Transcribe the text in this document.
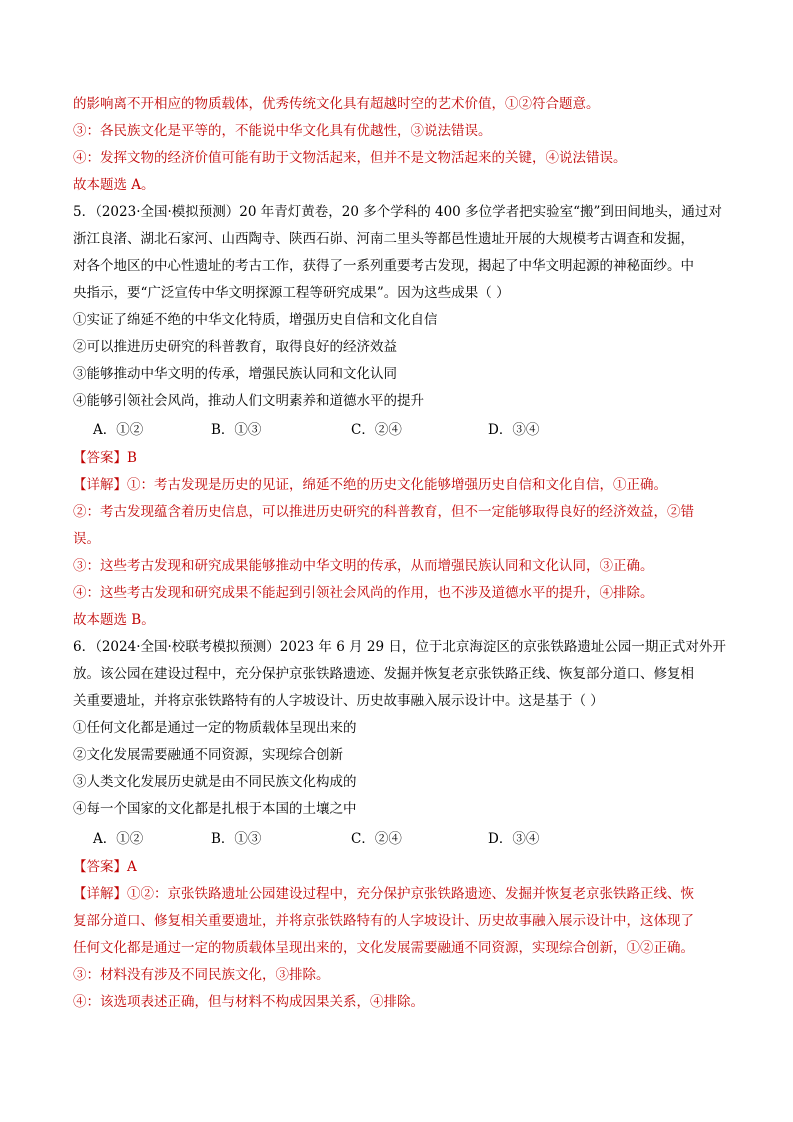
的影响离不开相应的物质载体，优秀传统文化具有超越时空的艺术价值，①②符合题意。
③：各民族文化是平等的，不能说中华文化具有优越性，③说法错误。
④：发挥文物的经济价值可能有助于文物活起来，但并不是文物活起来的关键，④说法错误。
故本题选 A。
5．（2023·全国·模拟预测）20 年青灯黄卷，20 多个学科的 400 多位学者把实验室“搬”到田间地头，通过对
浙江良渚、湖北石家河、山西陶寺、陕西石峁、河南二里头等都邑性遗址开展的大规模考古调查和发掘，
对各个地区的中心性遗址的考古工作，获得了一系列重要考古发现，揭起了中华文明起源的神秘面纱。中
央指示，要“广泛宣传中华文明探源工程等研究成果”。因为这些成果（ ）
①实证了绵延不绝的中华文化特质，增强历史自信和文化自信
②可以推进历史研究的科普教育，取得良好的经济效益
③能够推动中华文明的传承，增强民族认同和文化认同
④能够引领社会风尚，推动人们文明素养和道德水平的提升
A．①②	B．①③	C．②④	D．③④
【答案】B
【详解】①：考古发现是历史的见证，绵延不绝的历史文化能够增强历史自信和文化自信，①正确。
②：考古发现蕴含着历史信息，可以推进历史研究的科普教育，但不一定能够取得良好的经济效益，②错
误。
③：这些考古发现和研究成果能够推动中华文明的传承，从而增强民族认同和文化认同，③正确。
④：这些考古发现和研究成果不能起到引领社会风尚的作用，也不涉及道德水平的提升，④排除。
故本题选 B。
6．（2024·全国·校联考模拟预测）2023 年 6 月 29 日，位于北京海淀区的京张铁路遗址公园一期正式对外开
放。该公园在建设过程中，充分保护京张铁路遗迹、发掘并恢复老京张铁路正线、恢复部分道口、修复相
关重要遗址，并将京张铁路特有的人字坡设计、历史故事融入展示设计中。这是基于（ ）
①任何文化都是通过一定的物质载体呈现出来的
②文化发展需要融通不同资源，实现综合创新
③人类文化发展历史就是由不同民族文化构成的
④每一个国家的文化都是扎根于本国的土壤之中
A．①②	B．①③	C．②④	D．③④
【答案】A
【详解】①②：京张铁路遗址公园建设过程中，充分保护京张铁路遗迹、发掘并恢复老京张铁路正线、恢
复部分道口、修复相关重要遗址，并将京张铁路特有的人字坡设计、历史故事融入展示设计中，这体现了
任何文化都是通过一定的物质载体呈现出来的，文化发展需要融通不同资源，实现综合创新，①②正确。
③：材料没有涉及不同民族文化，③排除。
④：该选项表述正确，但与材料不构成因果关系，④排除。
